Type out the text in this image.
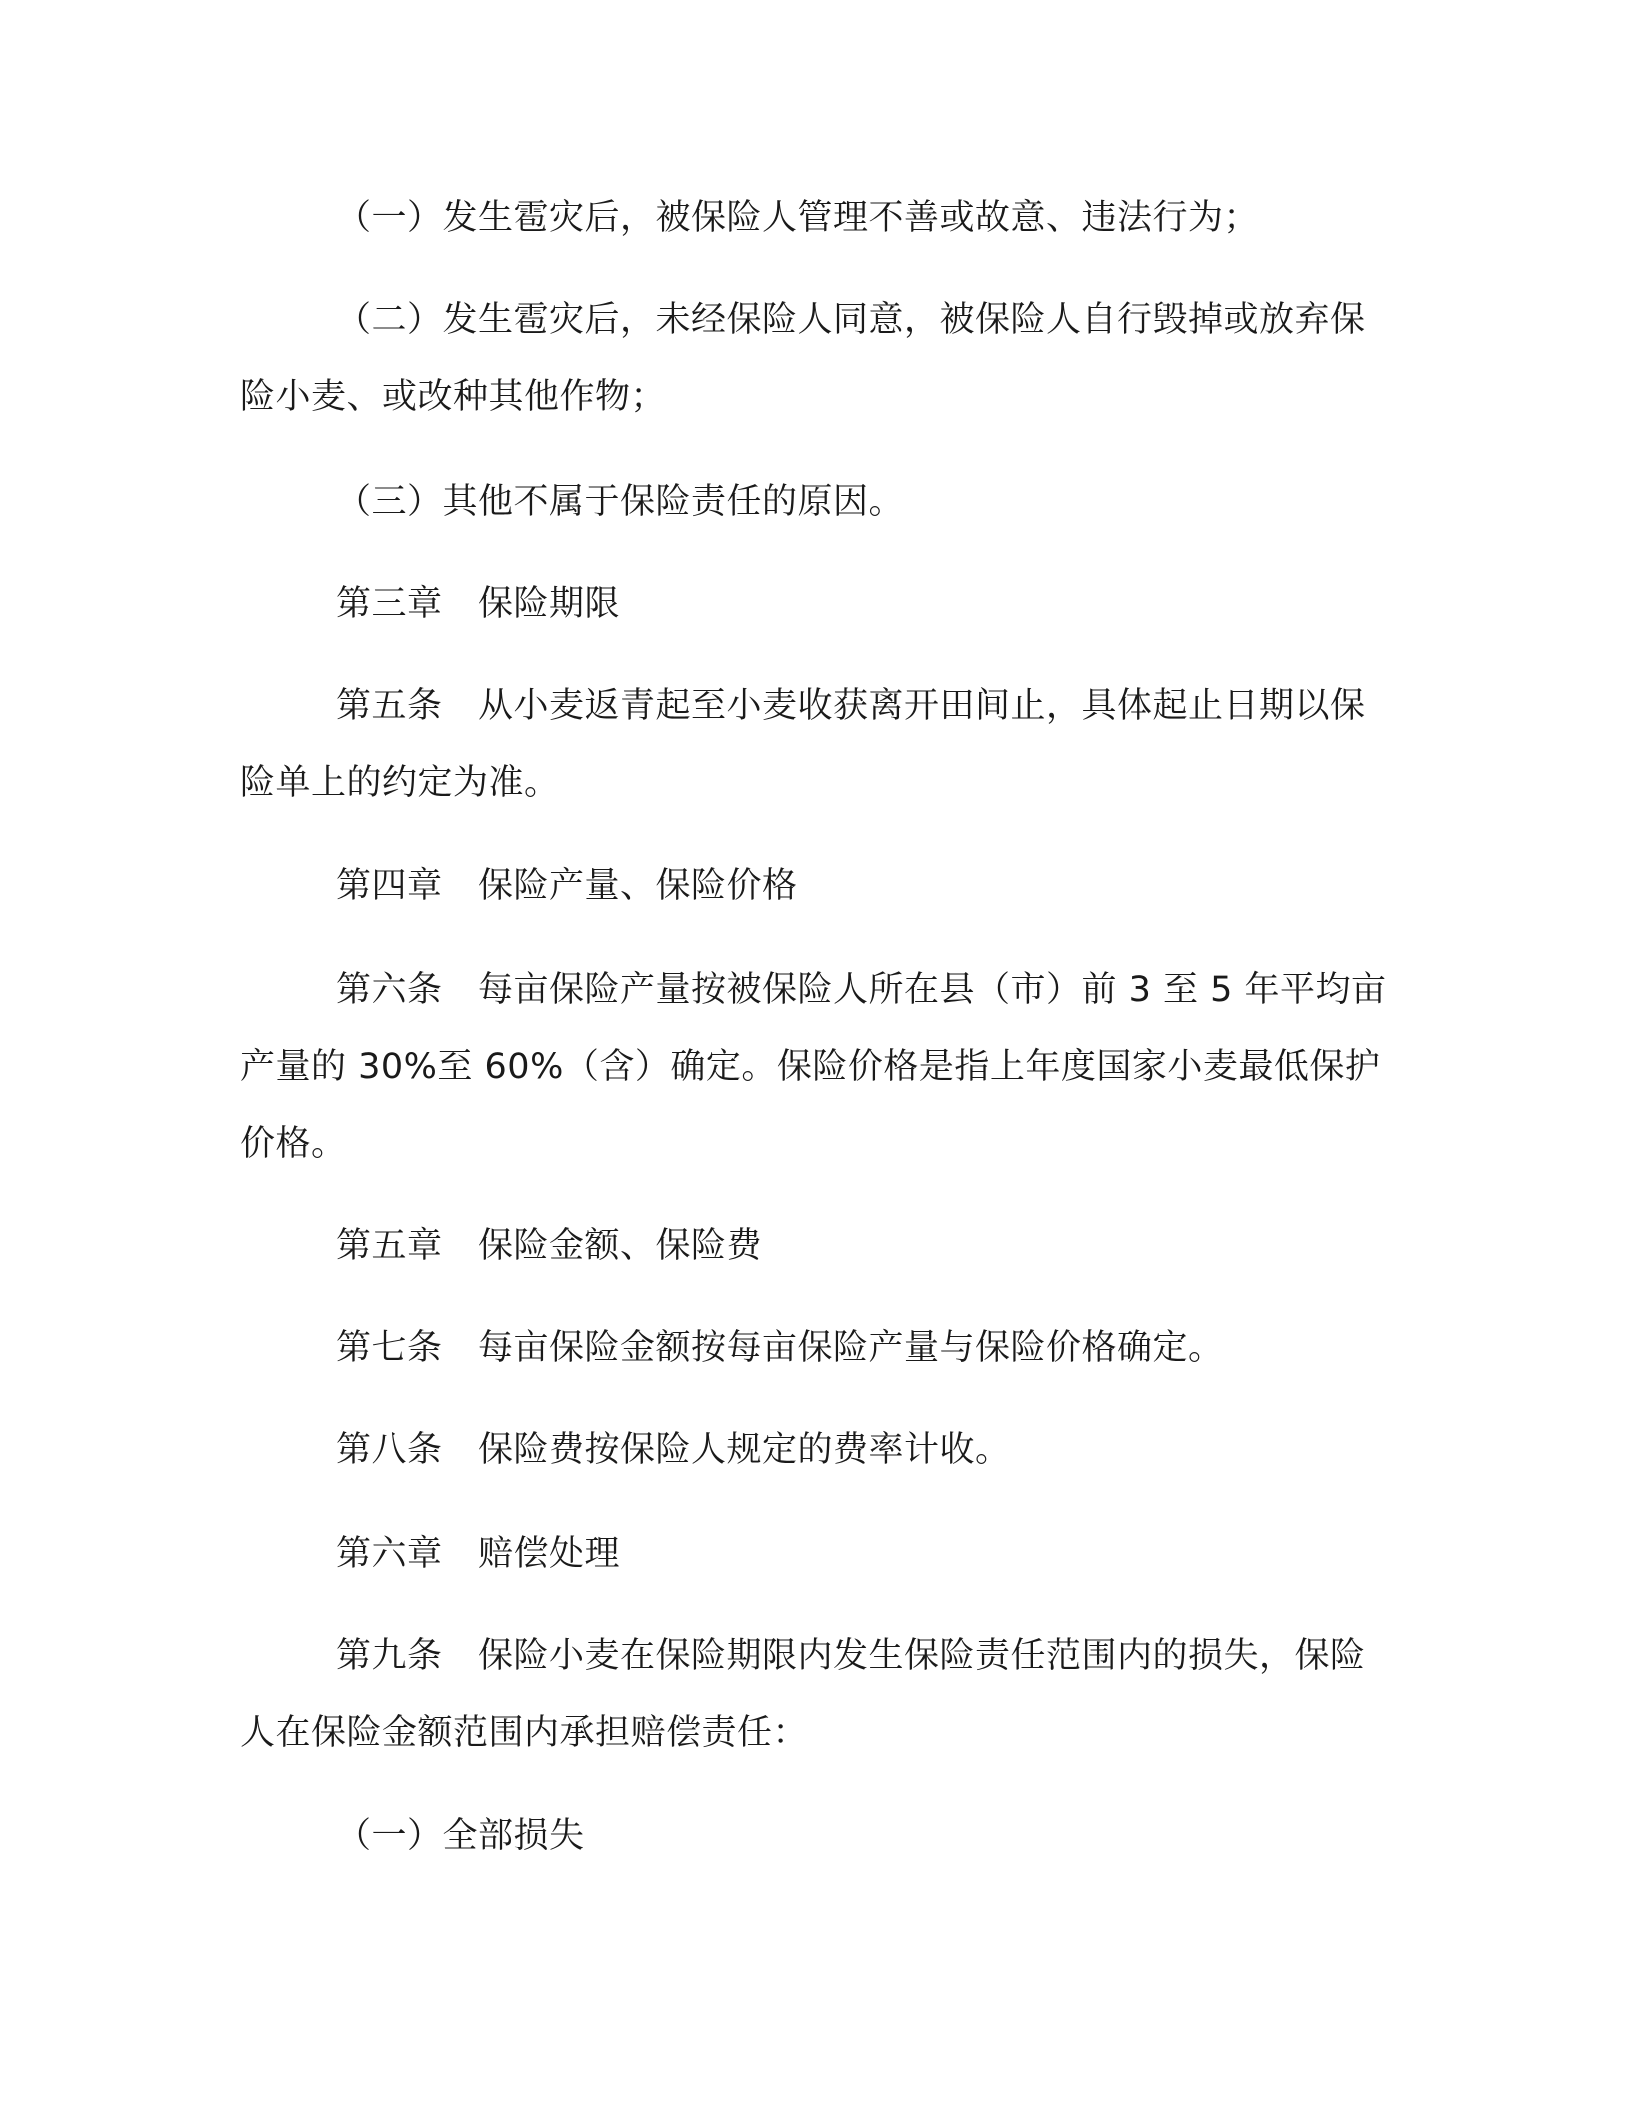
（一）发生雹灾后，被保险人管理不善或故意、违法行为；

（二）发生雹灾后，未经保险人同意，被保险人自行毁掉或放弃保险小麦、或改种其他作物；

（三）其他不属于保险责任的原因。

第三章　保险期限

第五条　从小麦返青起至小麦收获离开田间止，具体起止日期以保险单上的约定为准。

第四章　保险产量、保险价格

第六条　每亩保险产量按被保险人所在县（市）前 3 至 5 年平均亩产量的 30%至 60%（含）确定。保险价格是指上年度国家小麦最低保护价格。

第五章　保险金额、保险费

第七条　每亩保险金额按每亩保险产量与保险价格确定。

第八条　保险费按保险人规定的费率计收。

第六章　赔偿处理

第九条　保险小麦在保险期限内发生保险责任范围内的损失，保险人在保险金额范围内承担赔偿责任：

（一）全部损失
